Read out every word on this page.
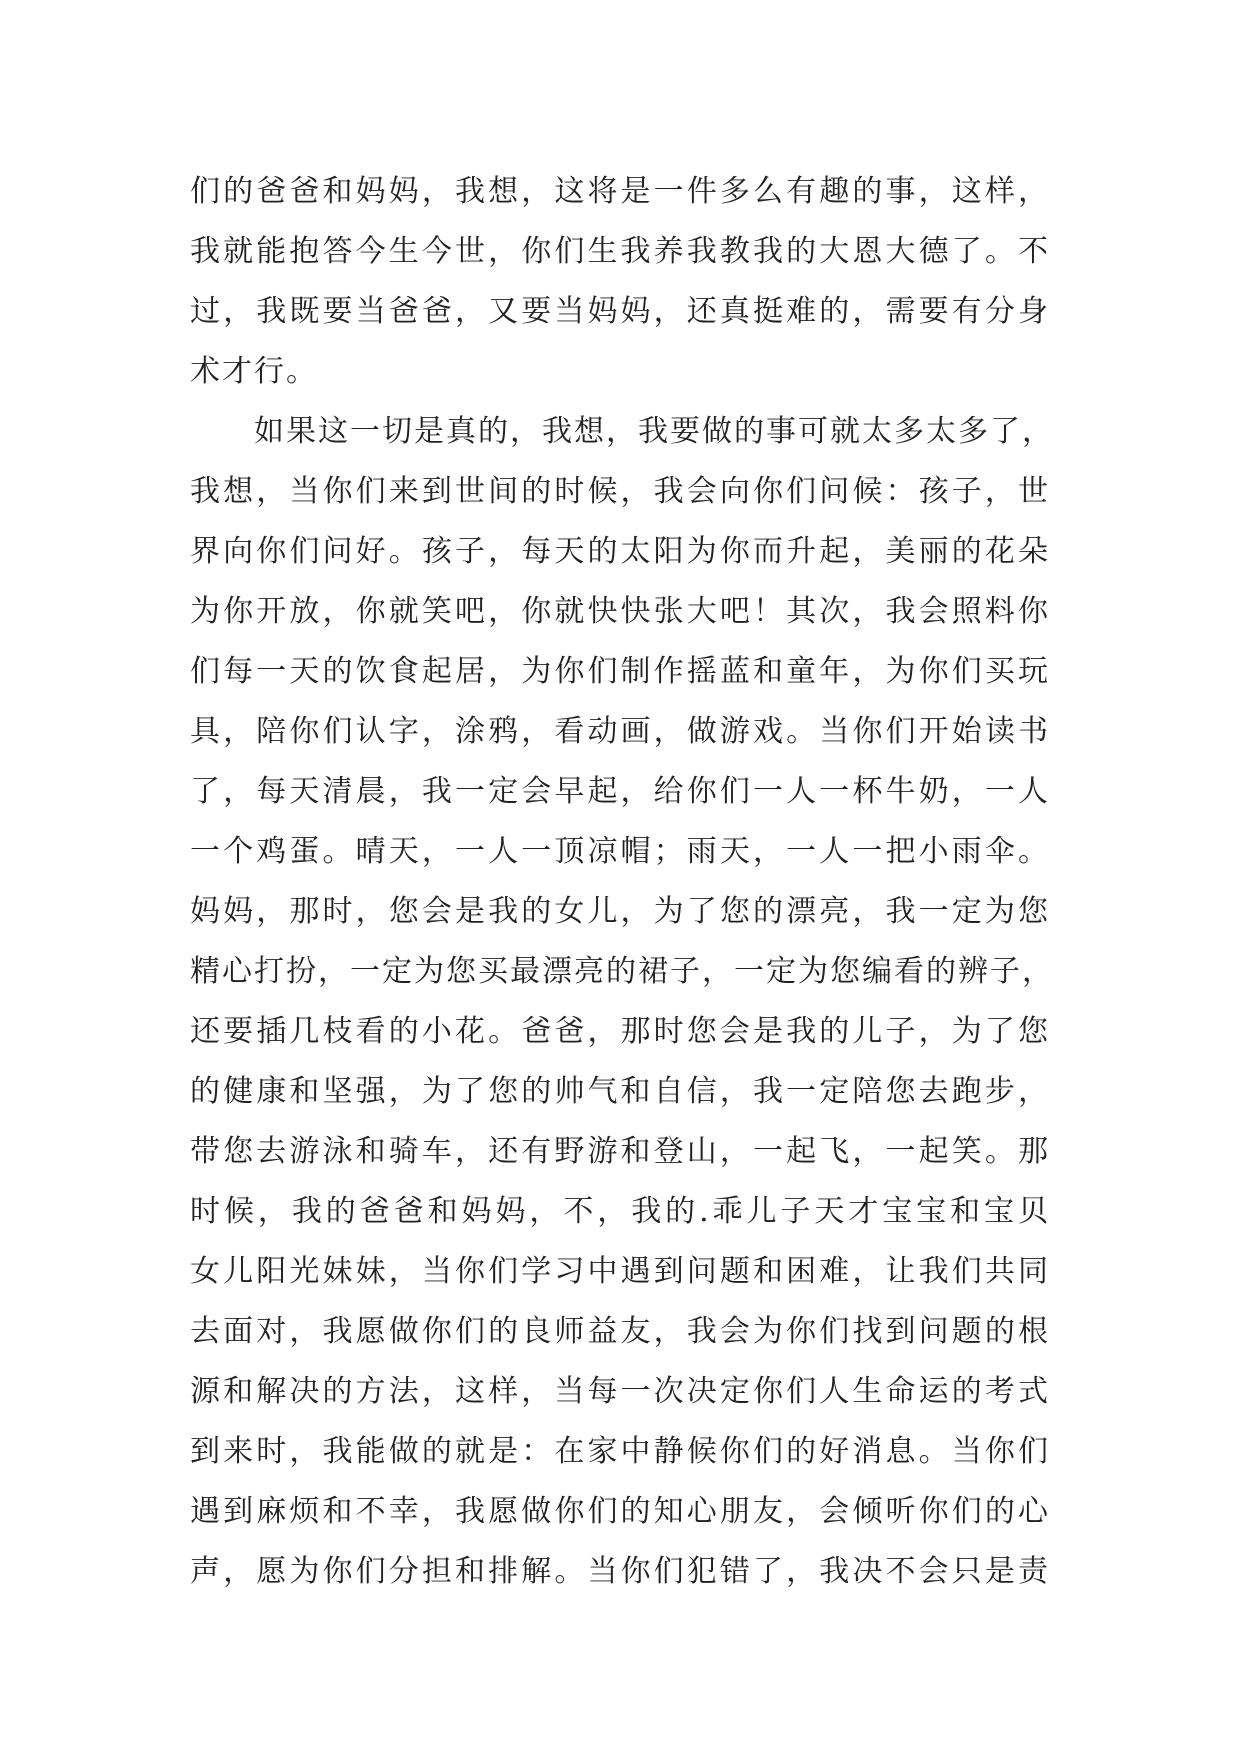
们的爸爸和妈妈，我想，这将是一件多么有趣的事，这样，
我就能抱答今生今世，你们生我养我教我的大恩大德了。不
过，我既要当爸爸，又要当妈妈，还真挺难的，需要有分身
术才行。
如果这一切是真的，我想，我要做的事可就太多太多了，
我想，当你们来到世间的时候，我会向你们问候：孩子，世
界向你们问好。孩子，每天的太阳为你而升起，美丽的花朵
为你开放，你就笑吧，你就快快张大吧！其次，我会照料你
们每一天的饮食起居，为你们制作摇蓝和童年，为你们买玩
具，陪你们认字，涂鸦，看动画，做游戏。当你们开始读书
了，每天清晨，我一定会早起，给你们一人一杯牛奶，一人
一个鸡蛋。晴天，一人一顶凉帽；雨天，一人一把小雨伞。
妈妈，那时，您会是我的女儿，为了您的漂亮，我一定为您
精心打扮，一定为您买最漂亮的裙子，一定为您编看的辨子，
还要插几枝看的小花。爸爸，那时您会是我的儿子，为了您
的健康和坚强，为了您的帅气和自信，我一定陪您去跑步，
带您去游泳和骑车，还有野游和登山，一起飞，一起笑。那
时候，我的爸爸和妈妈，不，我的.乖儿子天才宝宝和宝贝
女儿阳光妹妹，当你们学习中遇到问题和困难，让我们共同
去面对，我愿做你们的良师益友，我会为你们找到问题的根
源和解决的方法，这样，当每一次决定你们人生命运的考式
到来时，我能做的就是：在家中静候你们的好消息。当你们
遇到麻烦和不幸，我愿做你们的知心朋友，会倾听你们的心
声，愿为你们分担和排解。当你们犯错了，我决不会只是责
